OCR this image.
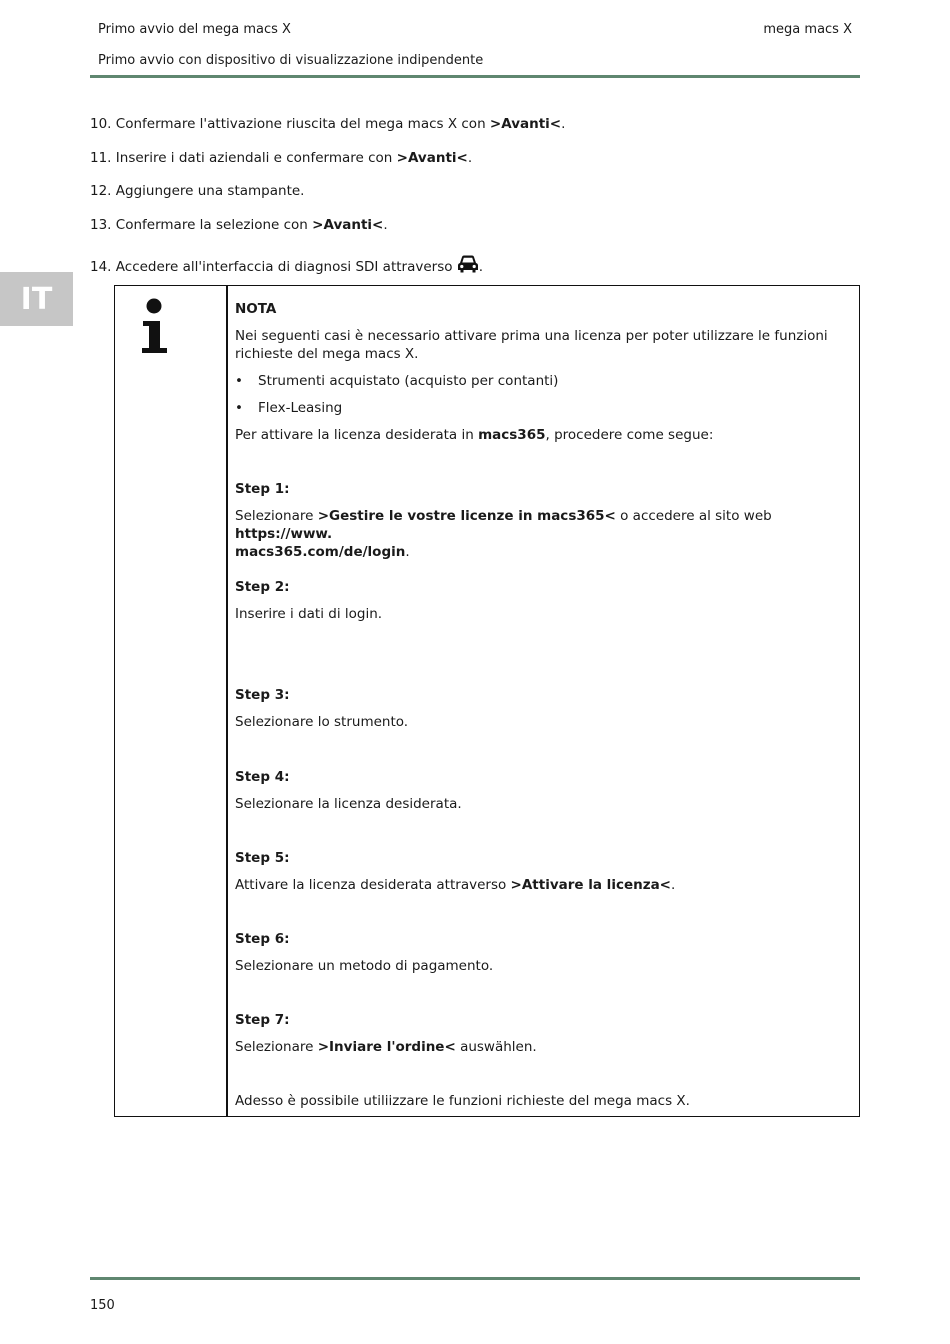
Primo avvio del mega macs X	mega macs X
Primo avvio con dispositivo di visualizzazione indipendente
IT
10. Confermare l'attivazione riuscita del mega macs X con >Avanti<.
11. Inserire i dati aziendali e confermare con >Avanti<.
12. Aggiungere una stampante.
13. Confermare la selezione con >Avanti<.
14. Accedere all'interfaccia di diagnosi SDI attraverso .

NOTA

Nei seguenti casi è necessario attivare prima una licenza per poter utilizzare le funzioni richieste del mega macs X.

• Strumenti acquistato (acquisto per contanti)

• Flex-Leasing

Per attivare la licenza desiderata in macs365, procedere come segue:

Step 1:

Selezionare >Gestire le vostre licenze in macs365< o accedere al sito web https://www.
macs365.com/de/login.

Step 2:

Inserire i dati di login.

Step 3:

Selezionare lo strumento.

Step 4:

Selezionare la licenza desiderata.

Step 5:

Attivare la licenza desiderata attraverso >Attivare la licenza<.

Step 6:

Selezionare un metodo di pagamento.

Step 7:

Selezionare >Inviare l'ordine< auswählen.

Adesso è possibile utiliizzare le funzioni richieste del mega macs X.

150
